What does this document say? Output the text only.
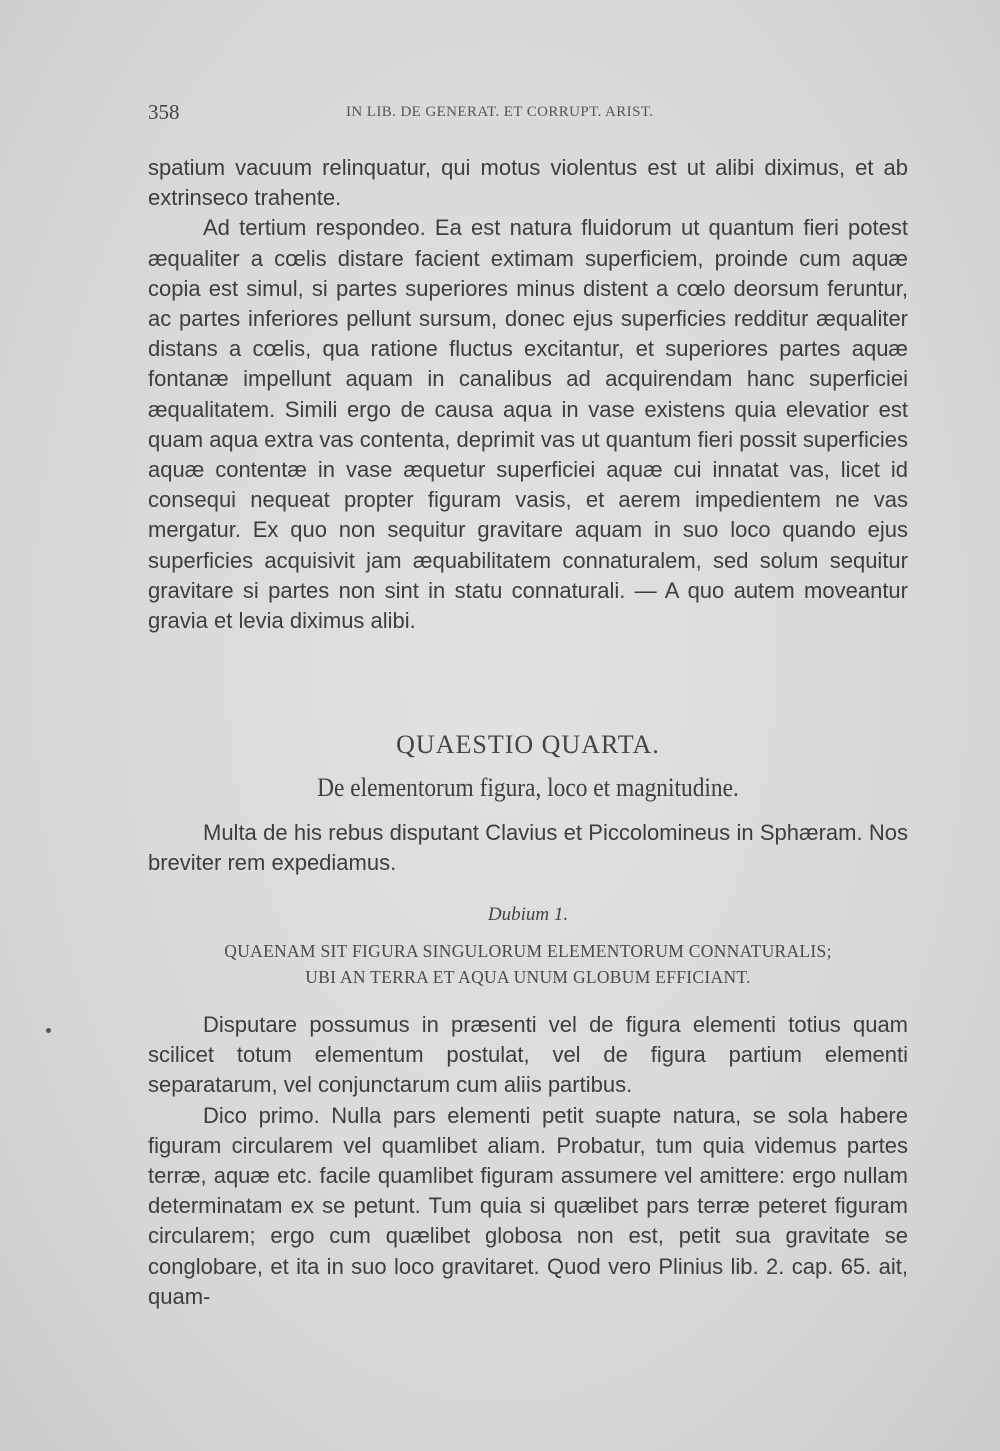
358	IN LIB. DE GENERAT. ET CORRUPT. ARIST.

spatium vacuum relinquatur, qui motus violentus est ut alibi diximus, et ab extrinseco trahente.

Ad tertium respondeo. Ea est natura fluidorum ut quantum fieri potest æqualiter a cœlis distare facient extimam superficiem, proinde cum aquæ copia est simul, si partes superiores minus distent a cœlo deorsum feruntur, ac partes inferiores pellunt sursum, donec ejus superficies redditur æqualiter distans a cœlis, qua ratione fluctus excitantur, et superiores partes aquæ fontanæ impellunt aquam in canalibus ad acquirendam hanc superficiei æqualitatem. Simili ergo de causa aqua in vase existens quia elevatior est quam aqua extra vas contenta, deprimit vas ut quantum fieri possit superficies aquæ contentæ in vase æquetur superficiei aquæ cui innatat vas, licet id consequi nequeat propter figuram vasis, et aerem impedientem ne vas mergatur. Ex quo non sequitur gravitare aquam in suo loco quando ejus superficies acquisivit jam æquabilitatem connaturalem, sed solum sequitur gravitare si partes non sint in statu connaturali. — A quo autem moveantur gravia et levia diximus alibi.

QUAESTIO QUARTA.
De elementorum figura, loco et magnitudine.

Multa de his rebus disputant Clavius et Piccolomineus in Sphæram. Nos breviter rem expediamus.

Dubium 1.
QUAENAM SIT FIGURA SINGULORUM ELEMENTORUM CONNATURALIS;
UBI AN TERRA ET AQUA UNUM GLOBUM EFFICIANT.

Disputare possumus in præsenti vel de figura elementi totius quam scilicet totum elementum postulat, vel de figura partium elementi separatarum, vel conjunctarum cum aliis partibus.

Dico primo. Nulla pars elementi petit suapte natura, se sola habere figuram circularem vel quamlibet aliam. Probatur, tum quia videmus partes terræ, aquæ etc. facile quamlibet figuram assumere vel amittere: ergo nullam determinatam ex se petunt. Tum quia si quælibet pars terræ peteret figuram circularem; ergo cum quælibet globosa non est, petit sua gravitate se conglobare, et ita in suo loco gravitaret. Quod vero Plinius lib. 2. cap. 65. ait, quam-
